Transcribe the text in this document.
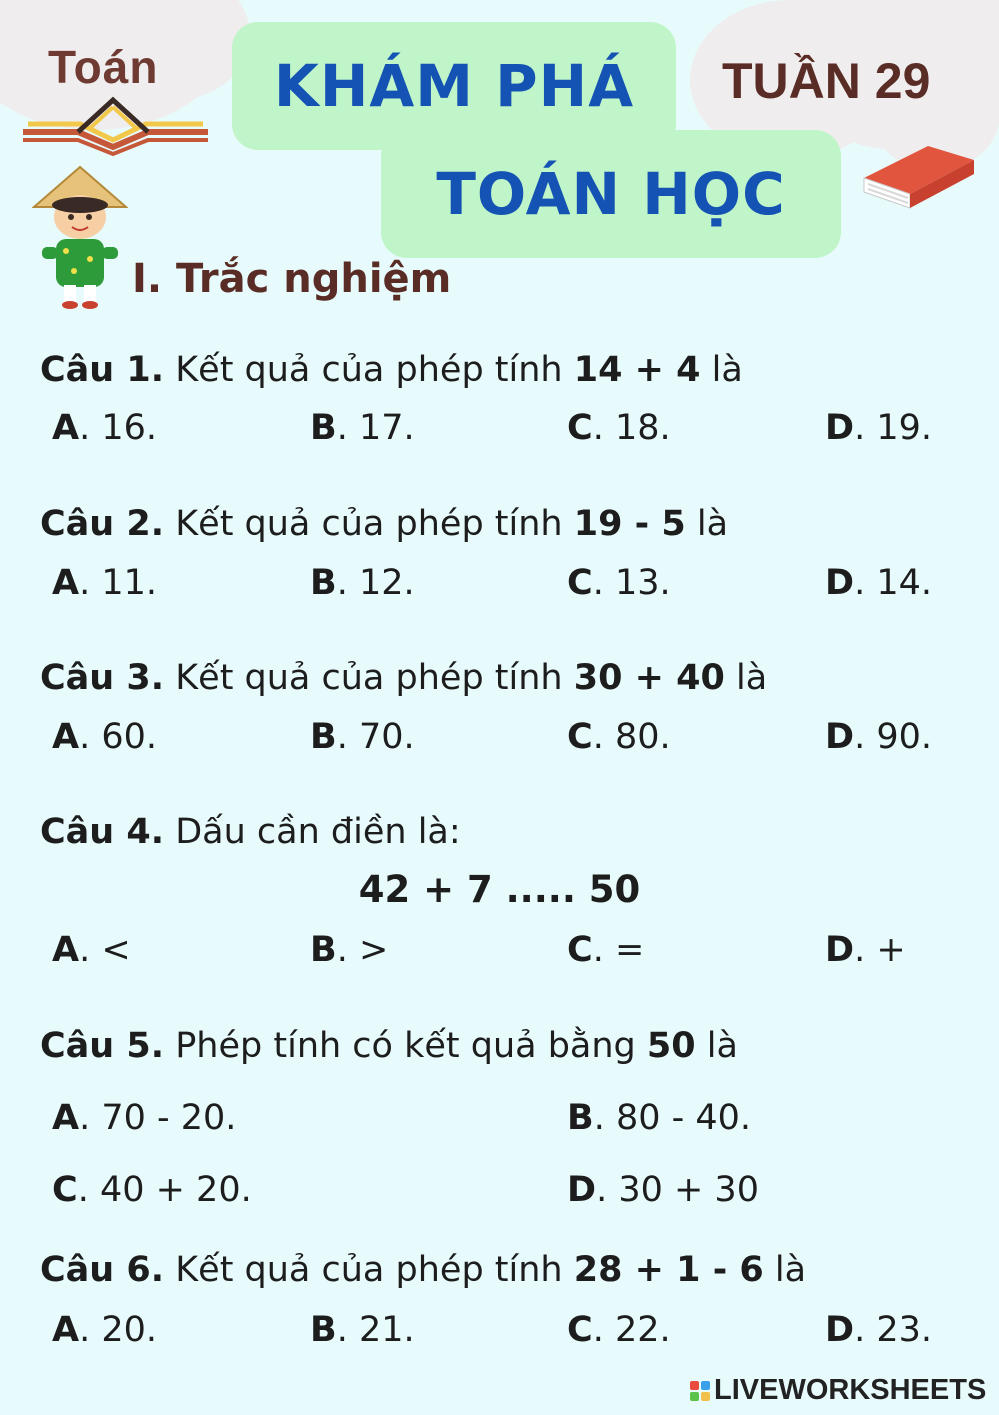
Toán	TUẦN 29
KHÁM PHÁ
TOÁN HỌC
I. Trắc nghiệm
Câu 1. Kết quả của phép tính 14 + 4 là
A. 16.	B. 17.	C. 18.	D. 19.
Câu 2. Kết quả của phép tính 19 - 5 là
A. 11.	B. 12.	C. 13.	D. 14.
Câu 3. Kết quả của phép tính 30 + 40 là
A. 60.	B. 70.	C. 80.	D. 90.
Câu 4. Dấu cần điền là:
42 + 7 ..... 50
A. <	B. >	C. =	D. +
Câu 5. Phép tính có kết quả bằng 50 là
A. 70 - 20.	B. 80 - 40.
C. 40 + 20.	D. 30 + 30
Câu 6. Kết quả của phép tính 28 + 1 - 6 là
A. 20.	B. 21.	C. 22.	D. 23.
LIVEWORKSHEETS
